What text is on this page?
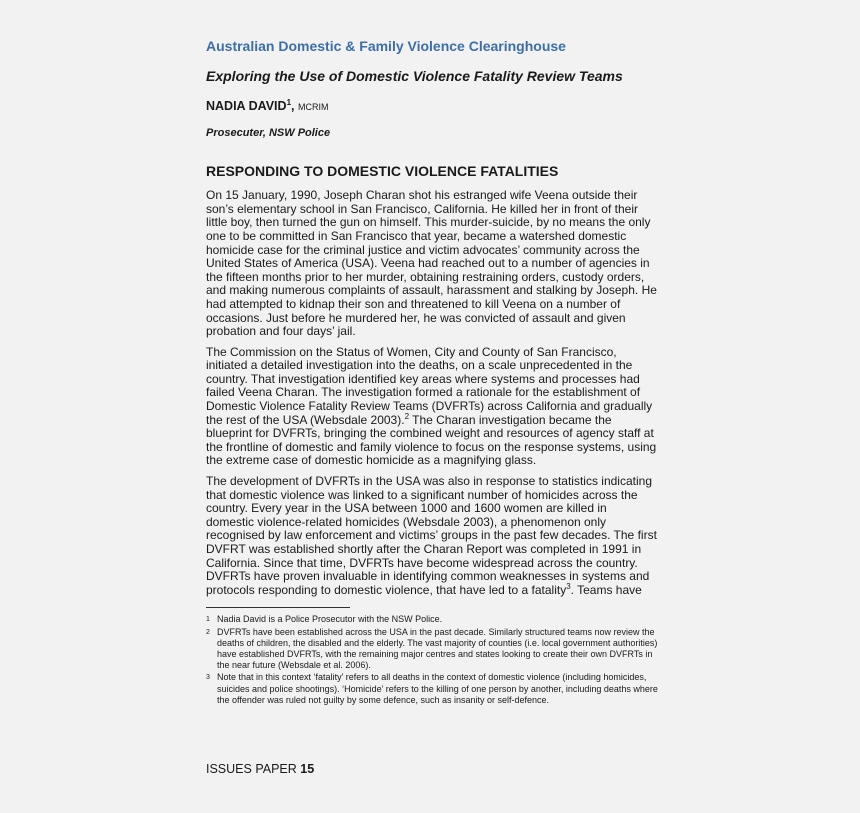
Australian Domestic & Family Violence Clearinghouse
Exploring the Use of Domestic Violence Fatality Review Teams
NADIA DAVID$^1$, MCRIM
Prosecuter, NSW Police
RESPONDING TO DOMESTIC VIOLENCE FATALITIES

On 15 January, 1990, Joseph Charan shot his estranged wife Veena outside their son’s elementary school in San Francisco, California. He killed her in front of their little boy, then turned the gun on himself. This murder-suicide, by no means the only one to be committed in San Francisco that year, became a watershed domestic homicide case for the criminal justice and victim advocates’ community across the United States of America (USA). Veena had reached out to a number of agencies in the fifteen months prior to her murder, obtaining restraining orders, custody orders, and making numerous complaints of assault, harassment and stalking by Joseph. He had attempted to kidnap their son and threatened to kill Veena on a number of occasions. Just before he murdered her, he was convicted of assault and given probation and four days’ jail.

The Commission on the Status of Women, City and County of San Francisco, initiated a detailed investigation into the deaths, on a scale unprecedented in the country. That investigation identified key areas where systems and processes had failed Veena Charan. The investigation formed a rationale for the establishment of Domestic Violence Fatality Review Teams (DVFRTs) across California and gradually the rest of the USA (Websdale 2003).$^2$ The Charan investigation became the blueprint for DVFRTs, bringing the combined weight and resources of agency staff at the frontline of domestic and family violence to focus on the response systems, using the extreme case of domestic homicide as a magnifying glass.

The development of DVFRTs in the USA was also in response to statistics indicating that domestic violence was linked to a significant number of homicides across the country. Every year in the USA between 1000 and 1600 women are killed in domestic violence-related homicides (Websdale 2003), a phenomenon only recognised by law enforcement and victims’ groups in the past few decades. The first DVFRT was established shortly after the Charan Report was completed in 1991 in California. Since that time, DVFRTs have become widespread across the country. DVFRTs have proven invaluable in identifying common weaknesses in systems and protocols responding to domestic violence, that have led to a fatality$^3$. Teams have

1 Nadia David is a Police Prosecutor with the NSW Police.
2 DVFRTs have been established across the USA in the past decade. Similarly structured teams now review the deaths of children, the disabled and the elderly. The vast majority of counties (i.e. local government authorities) have established DVFRTs, with the remaining major centres and states looking to create their own DVFRTs in the near future (Websdale et al. 2006).
3 Note that in this context ‘fatality’ refers to all deaths in the context of domestic violence (including homicides, suicides and police shootings). ‘Homicide’ refers to the killing of one person by another, including deaths where the offender was ruled not guilty by some defence, such as insanity or self-defence.
ISSUES PAPER 15
